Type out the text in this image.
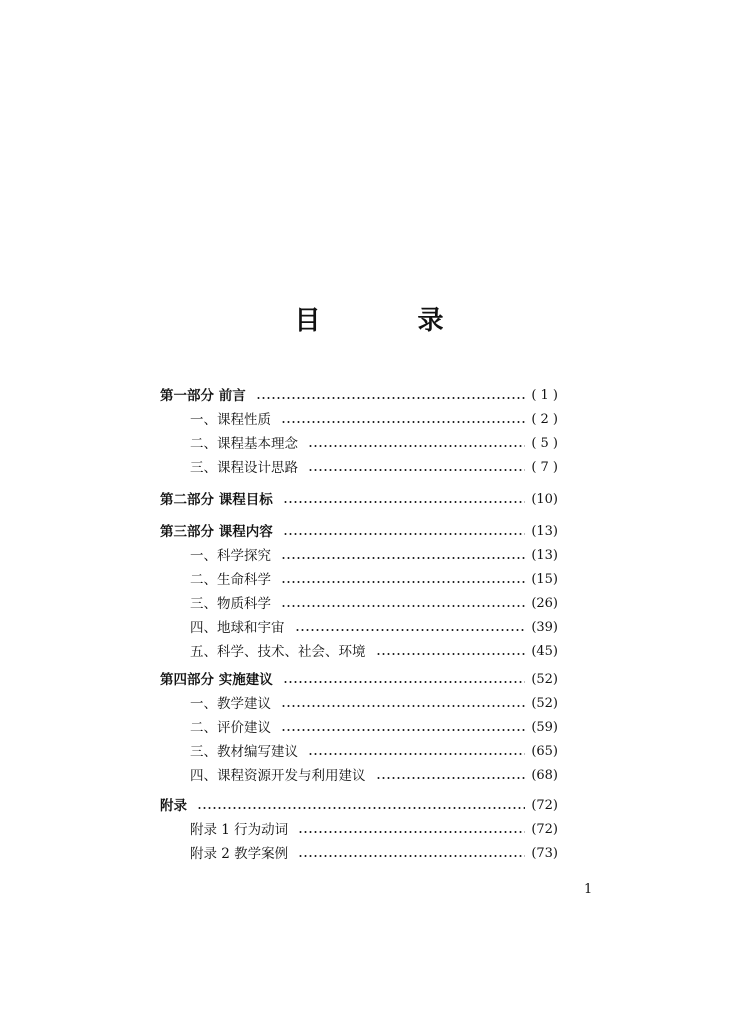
目 录
第一部分 前言	( 1 )
一、课程性质	( 2 )
二、课程基本理念	( 5 )
三、课程设计思路	( 7 )
第二部分 课程目标	(10)
第三部分 课程内容	(13)
一、科学探究	(13)
二、生命科学	(15)
三、物质科学	(26)
四、地球和宇宙	(39)
五、科学、技术、社会、环境	(45)
第四部分 实施建议	(52)
一、教学建议	(52)
二、评价建议	(59)
三、教材编写建议	(65)
四、课程资源开发与利用建议	(68)
附录	(72)
附录 1 行为动词	(72)
附录 2 教学案例	(73)
1
